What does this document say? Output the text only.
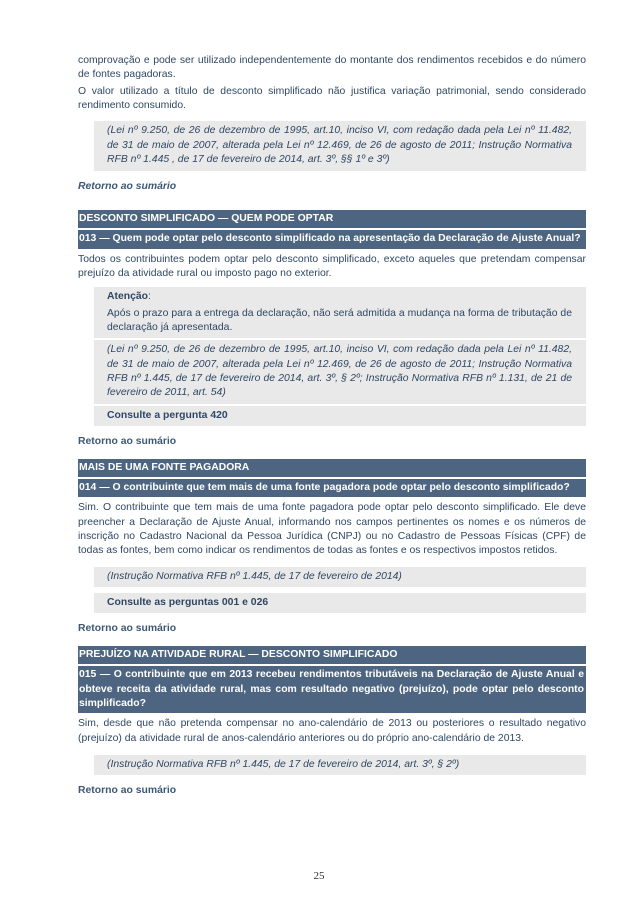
comprovação e pode ser utilizado independentemente do montante dos rendimentos recebidos e do número de fontes pagadoras.

O valor utilizado a título de desconto simplificado não justifica variação patrimonial, sendo considerado rendimento consumido.

(Lei nº 9.250, de 26 de dezembro de 1995, art.10, inciso VI, com redação dada pela Lei nº 11.482, de 31 de maio de 2007, alterada pela Lei nº 12.469, de 26 de agosto de 2011; Instrução Normativa RFB nº 1.445 , de 17 de fevereiro de 2014, art. 3º, §§ 1º e 3º)

Retorno ao sumário

DESCONTO SIMPLIFICADO — QUEM PODE OPTAR
013 — Quem pode optar pelo desconto simplificado na apresentação da Declaração de Ajuste Anual?

Todos os contribuintes podem optar pelo desconto simplificado, exceto aqueles que pretendam compensar prejuízo da atividade rural ou imposto pago no exterior.

Atenção:

Após o prazo para a entrega da declaração, não será admitida a mudança na forma de tributação de declaração já apresentada.

(Lei nº 9.250, de 26 de dezembro de 1995, art.10, inciso VI, com redação dada pela Lei nº 11.482, de 31 de maio de 2007, alterada pela Lei nº 12.469, de 26 de agosto de 2011; Instrução Normativa RFB nº 1.445, de 17 de fevereiro de 2014, art. 3º, § 2º; Instrução Normativa RFB nº 1.131, de 21 de fevereiro de 2011, art. 54)

Consulte a pergunta 420

Retorno ao sumário

MAIS DE UMA FONTE PAGADORA
014 — O contribuinte que tem mais de uma fonte pagadora pode optar pelo desconto simplificado?

Sim. O contribuinte que tem mais de uma fonte pagadora pode optar pelo desconto simplificado. Ele deve preencher a Declaração de Ajuste Anual, informando nos campos pertinentes os nomes e os números de inscrição no Cadastro Nacional da Pessoa Jurídica (CNPJ) ou no Cadastro de Pessoas Físicas (CPF) de todas as fontes, bem como indicar os rendimentos de todas as fontes e os respectivos impostos retidos.

(Instrução Normativa RFB nº 1.445, de 17 de fevereiro de 2014)

Consulte as perguntas 001 e 026

Retorno ao sumário

PREJUÍZO NA ATIVIDADE RURAL — DESCONTO SIMPLIFICADO
015 — O contribuinte que em 2013 recebeu rendimentos tributáveis na Declaração de Ajuste Anual e obteve receita da atividade rural, mas com resultado negativo (prejuízo), pode optar pelo desconto simplificado?

Sim, desde que não pretenda compensar no ano-calendário de 2013 ou posteriores o resultado negativo (prejuízo) da atividade rural de anos-calendário anteriores ou do próprio ano-calendário de 2013.

(Instrução Normativa RFB nº 1.445, de 17 de fevereiro de 2014, art. 3º, § 2º)

Retorno ao sumário

25
